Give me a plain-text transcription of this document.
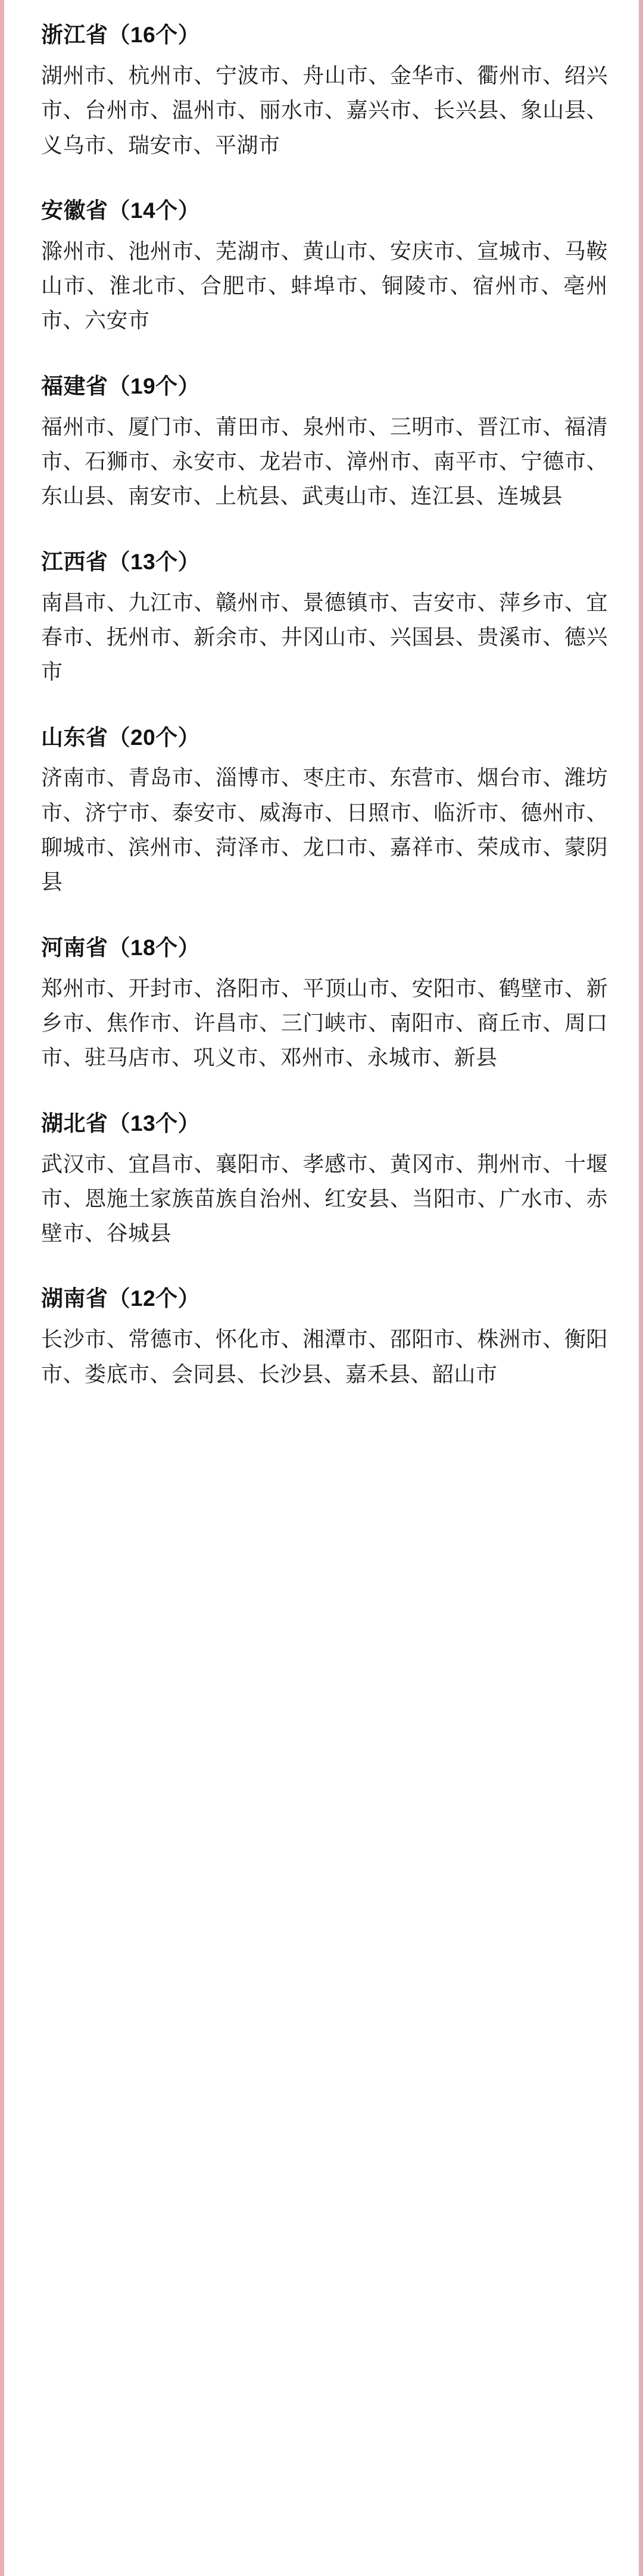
浙江省（16个）
湖州市、杭州市、宁波市、舟山市、金华市、衢州市、绍兴市、台州市、温州市、丽水市、嘉兴市、长兴县、象山县、义乌市、瑞安市、平湖市
安徽省（14个）
滁州市、池州市、芜湖市、黄山市、安庆市、宣城市、马鞍山市、淮北市、合肥市、蚌埠市、铜陵市、宿州市、亳州市、六安市
福建省（19个）
福州市、厦门市、莆田市、泉州市、三明市、晋江市、福清市、石狮市、永安市、龙岩市、漳州市、南平市、宁德市、东山县、南安市、上杭县、武夷山市、连江县、连城县
江西省（13个）
南昌市、九江市、赣州市、景德镇市、吉安市、萍乡市、宜春市、抚州市、新余市、井冈山市、兴国县、贵溪市、德兴市
山东省（20个）
济南市、青岛市、淄博市、枣庄市、东营市、烟台市、潍坊市、济宁市、泰安市、威海市、日照市、临沂市、德州市、聊城市、滨州市、菏泽市、龙口市、嘉祥市、荣成市、蒙阴县
河南省（18个）
郑州市、开封市、洛阳市、平顶山市、安阳市、鹤壁市、新乡市、焦作市、许昌市、三门峡市、南阳市、商丘市、周口市、驻马店市、巩义市、邓州市、永城市、新县
湖北省（13个）
武汉市、宜昌市、襄阳市、孝感市、黄冈市、荆州市、十堰市、恩施土家族苗族自治州、红安县、当阳市、广水市、赤壁市、谷城县
湖南省（12个）
长沙市、常德市、怀化市、湘潭市、邵阳市、株洲市、衡阳市、娄底市、会同县、长沙县、嘉禾县、韶山市
